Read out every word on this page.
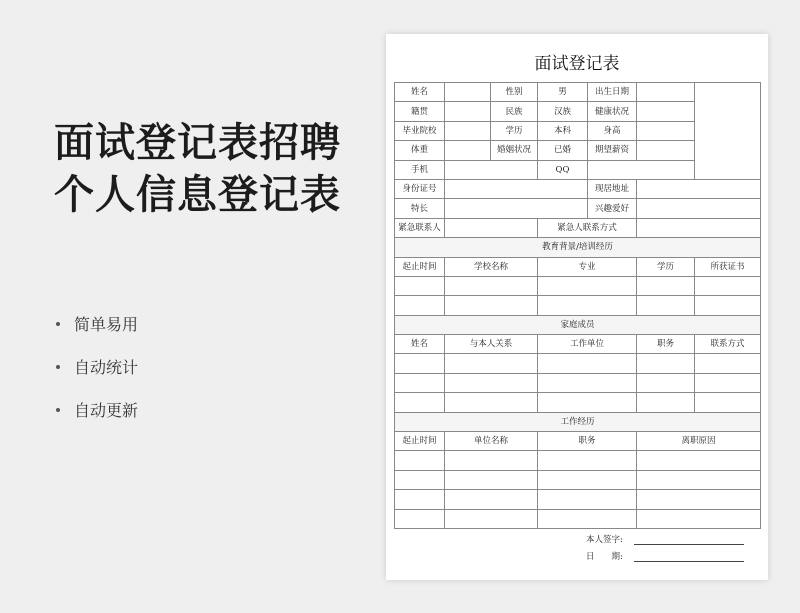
面试登记表招聘
个人信息登记表
简单易用
自动统计
自动更新
面试登记表
姓名		性别	男	出生日期		
籍贯		民族	汉族	健康状况		
毕业院校		学历	本科	身高		
体重		婚姻状况	已婚	期望薪资		
手机			QQ			
身份证号				现居地址		
特长				兴趣爱好		
紧急联系人			紧急人联系方式			
教育背景/培训经历						
起止时间	学校名称		专业		学历	所获证书

家庭成员						
姓名	与本人关系		工作单位		职务	联系方式

工作经历						
起止时间	单位名称		职务		离职原因	

本人签字:
日　　期:
